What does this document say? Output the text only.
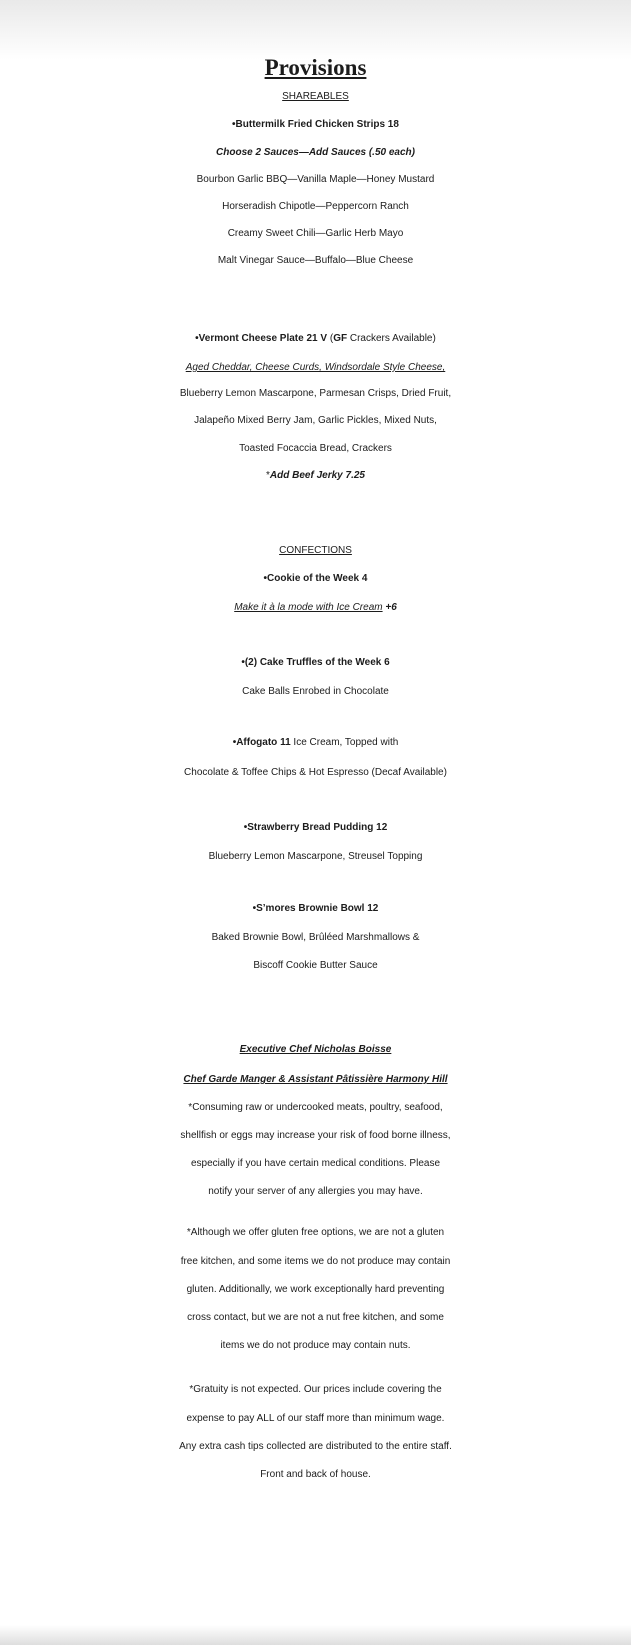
Provisions
SHAREABLES
•Buttermilk Fried Chicken Strips 18
Choose 2 Sauces—Add Sauces (.50 each)
Bourbon Garlic BBQ—Vanilla Maple—Honey Mustard
Horseradish Chipotle—Peppercorn Ranch
Creamy Sweet Chili—Garlic Herb Mayo
Malt Vinegar Sauce—Buffalo—Blue Cheese
•Vermont Cheese Plate 21 V (GF Crackers Available)
Aged Cheddar, Cheese Curds, Windsordale Style Cheese,
Blueberry Lemon Mascarpone, Parmesan Crisps, Dried Fruit,
Jalapeño Mixed Berry Jam, Garlic Pickles, Mixed Nuts,
Toasted Focaccia Bread, Crackers
*Add Beef Jerky 7.25
CONFECTIONS
•Cookie of the Week 4
Make it à la mode with Ice Cream +6
•(2) Cake Truffles of the Week 6
Cake Balls Enrobed in Chocolate
•Affogato 11 Ice Cream, Topped with
Chocolate & Toffee Chips & Hot Espresso (Decaf Available)
•Strawberry Bread Pudding 12
Blueberry Lemon Mascarpone, Streusel Topping
•S’mores Brownie Bowl 12
Baked Brownie Bowl, Brûléed Marshmallows &
Biscoff Cookie Butter Sauce
Executive Chef Nicholas Boisse
Chef Garde Manger & Assistant Pâtissière Harmony Hill
*Consuming raw or undercooked meats, poultry, seafood,
shellfish or eggs may increase your risk of food borne illness,
especially if you have certain medical conditions. Please
notify your server of any allergies you may have.
*Although we offer gluten free options, we are not a gluten
free kitchen, and some items we do not produce may contain
gluten. Additionally, we work exceptionally hard preventing
cross contact, but we are not a nut free kitchen, and some
items we do not produce may contain nuts.
*Gratuity is not expected. Our prices include covering the
expense to pay ALL of our staff more than minimum wage.
Any extra cash tips collected are distributed to the entire staff.
Front and back of house.
